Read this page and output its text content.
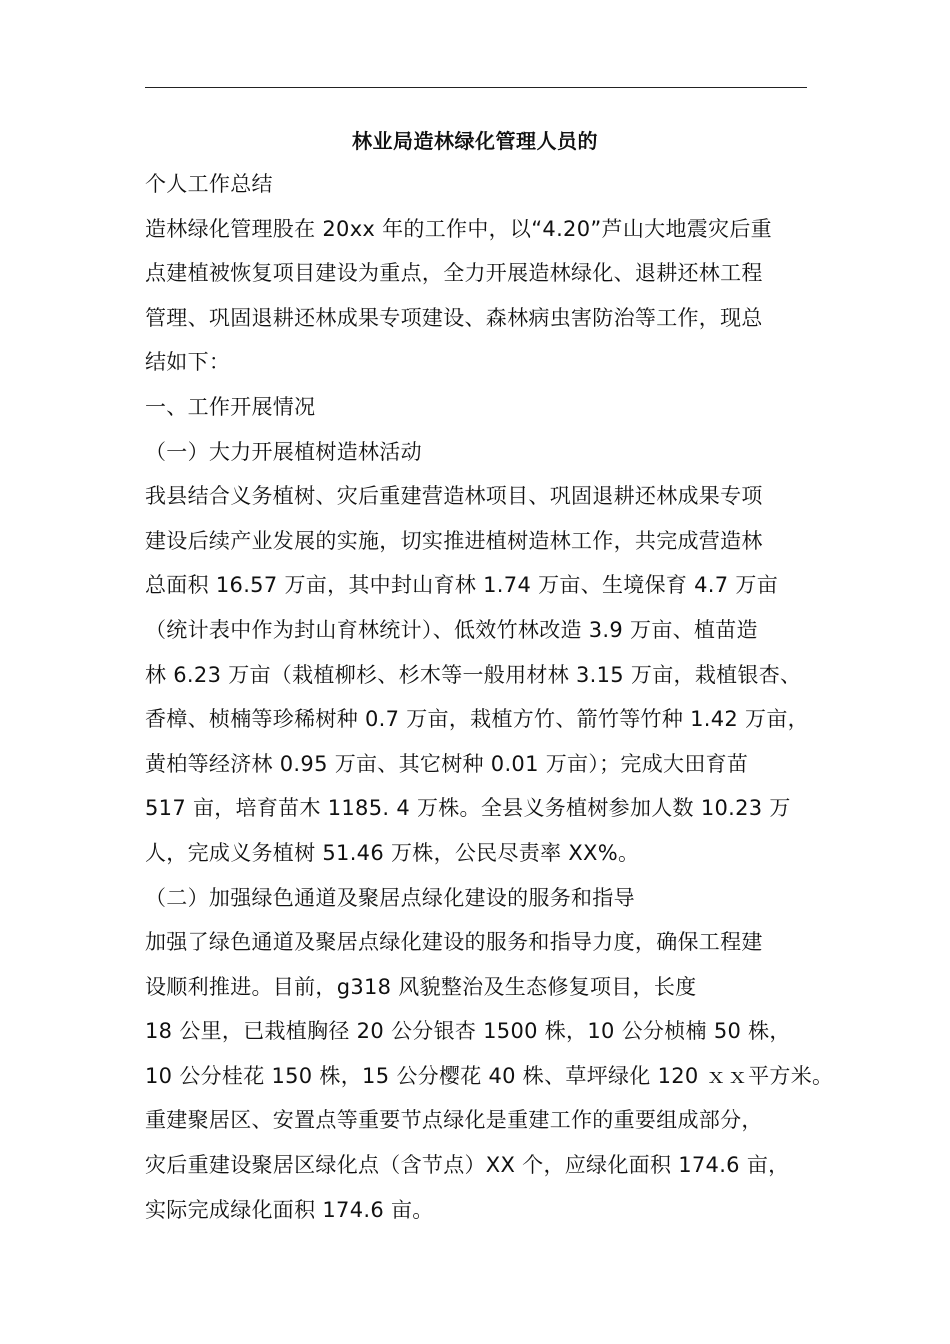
林业局造林绿化管理人员的
个人工作总结
造林绿化管理股在 20xx 年的工作中，以“4.20”芦山大地震灾后重
点建植被恢复项目建设为重点，全力开展造林绿化、退耕还林工程
管理、巩固退耕还林成果专项建设、森林病虫害防治等工作，现总
结如下：
一、工作开展情况
（一）大力开展植树造林活动
我县结合义务植树、灾后重建营造林项目、巩固退耕还林成果专项
建设后续产业发展的实施，切实推进植树造林工作，共完成营造林
总面积 16.57 万亩，其中封山育林 1.74 万亩、生境保育 4.7 万亩
（统计表中作为封山育林统计）、低效竹林改造 3.9 万亩、植苗造
林 6.23 万亩（栽植柳杉、杉木等一般用材林 3.15 万亩，栽植银杏、
香樟、桢楠等珍稀树种 0.7 万亩，栽植方竹、箭竹等竹种 1.42 万亩，
黄柏等经济林 0.95 万亩、其它树种 0.01 万亩）；完成大田育苗
517 亩，培育苗木 1185. 4 万株。全县义务植树参加人数 10.23 万
人，完成义务植树 51.46 万株，公民尽责率 XX%。
（二）加强绿色通道及聚居点绿化建设的服务和指导
加强了绿色通道及聚居点绿化建设的服务和指导力度，确保工程建
设顺利推进。目前，g318 风貌整治及生态修复项目，长度
18 公里，已栽植胸径 20 公分银杏 1500 株，10 公分桢楠 50 株，
10 公分桂花 150 株，15 公分樱花 40 株、草坪绿化 120 ｘｘ平方米。
重建聚居区、安置点等重要节点绿化是重建工作的重要组成部分，
灾后重建设聚居区绿化点（含节点）XX 个，应绿化面积 174.6 亩，
实际完成绿化面积 174.6 亩。
